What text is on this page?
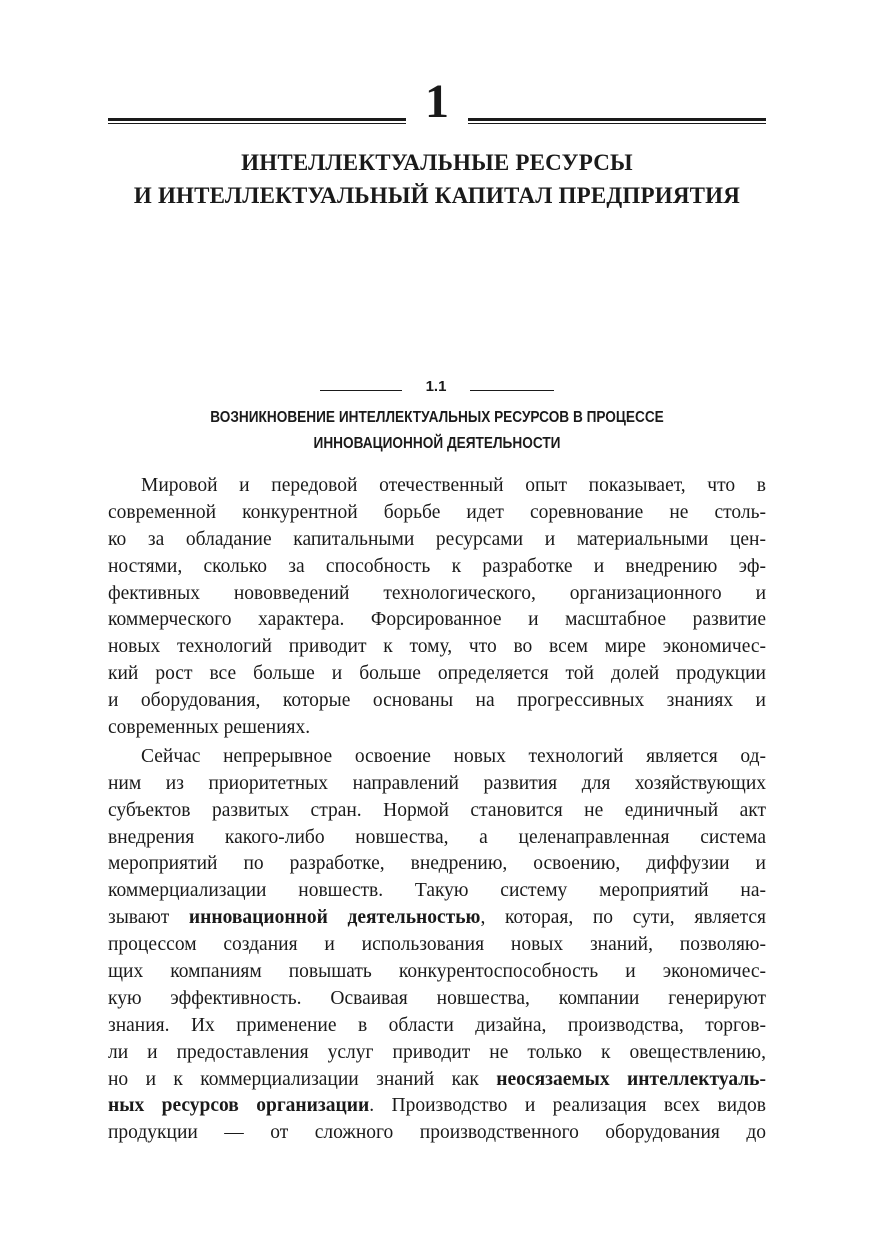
1
ИНТЕЛЛЕКТУАЛЬНЫЕ РЕСУРСЫ
И ИНТЕЛЛЕКТУАЛЬНЫЙ КАПИТАЛ ПРЕДПРИЯТИЯ
1.1
ВОЗНИКНОВЕНИЕ ИНТЕЛЛЕКТУАЛЬНЫХ РЕСУРСОВ В ПРОЦЕССЕ
ИННОВАЦИОННОЙ ДЕЯТЕЛЬНОСТИ
Мировой и передовой отечественный опыт показывает, что в
современной конкурентной борьбе идет соревнование не столь-
ко за обладание капитальными ресурсами и материальными цен-
ностями, сколько за способность к разработке и внедрению эф-
фективных нововведений технологического, организационного и
коммерческого характера. Форсированное и масштабное развитие
новых технологий приводит к тому, что во всем мире экономичес-
кий рост все больше и больше определяется той долей продукции
и оборудования, которые основаны на прогрессивных знаниях и
современных решениях.
Сейчас непрерывное освоение новых технологий является од-
ним из приоритетных направлений развития для хозяйствующих
субъектов развитых стран. Нормой становится не единичный акт
внедрения какого-либо новшества, а целенаправленная система
мероприятий по разработке, внедрению, освоению, диффузии и
коммерциализации новшеств. Такую систему мероприятий на-
зывают инновационной деятельностью, которая, по сути, является
процессом создания и использования новых знаний, позволяю-
щих компаниям повышать конкурентоспособность и экономичес-
кую эффективность. Осваивая новшества, компании генерируют
знания. Их применение в области дизайна, производства, торгов-
ли и предоставления услуг приводит не только к овеществлению,
но и к коммерциализации знаний как неосязаемых интеллектуаль-
ных ресурсов организации. Производство и реализация всех видов
продукции — от сложного производственного оборудования до
